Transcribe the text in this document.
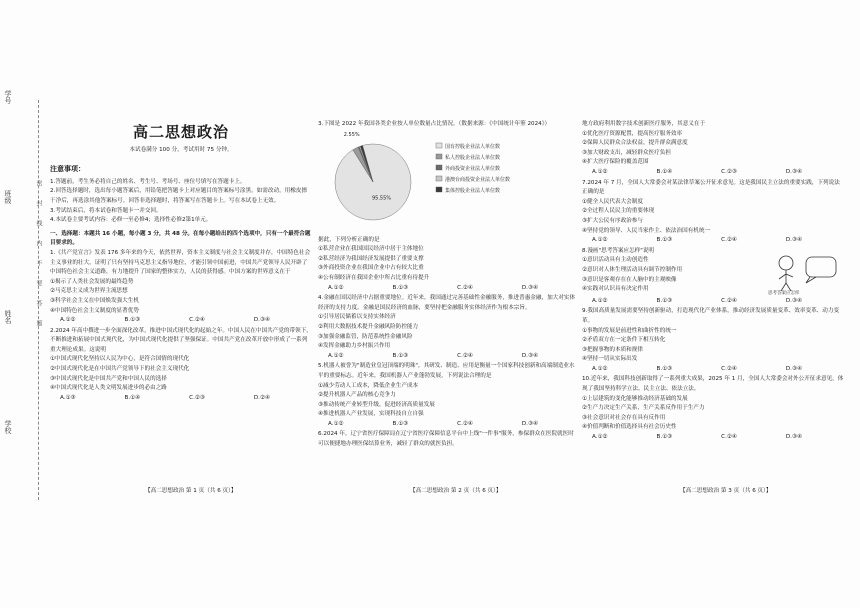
学号
班级
姓名
学校
密
封
线
内
不
要
答
题
高二思想政治
本试卷满分 100 分，考试用时 75 分钟。
注意事项：

1.答题前，考生务必将自己的姓名、考生号、考场号、座位号填写在答题卡上。

2.回答选择题时，选出每小题答案后，用铅笔把答题卡上对应题目的答案标号涂黑。如需改动，用橡皮擦干净后，再选涂其他答案标号。回答非选择题时，将答案写在答题卡上。写在本试卷上无效。

3.考试结束后，将本试卷和答题卡一并交回。

4.本试卷主要考试内容：必修一至必修4；选择性必修2第1单元。

一、选择题：本题共 16 小题，每小题 3 分，共 48 分。在每小题给出的四个选项中，只有一个最符合题目要求的。

1.《共产党宣言》发表 176 多年来的今天，依然世界，资本主义制度与社会主义制度并存，中国特色社会主义事业的壮大，证明了只有坚持马克思主义指导地位，才能引领中国前进，中国共产党领导人民开辟了中国特色社会主义道路，有力地提升了国家的整体实力，人民的获得感。中国方案的世界意义在于

①揭示了人类社会发展的最终趋势

②马克思主义成为世界主流思想

③科学社会主义在中国焕发强大生机

④中国特色社会主义制度的显著优势

A.①②	B.①③	C.②④	D.③④

2.2024 年高中撰进一步全面深化改革，推进中国式现代化的起始之年。中国人民在中国共产党的带领下，不断推进和拓展中国式现代化，为中国式现代化提供了坚强保证。中国共产党在改革开放中形成了一系列重大理论成果。这说明

①中国式现代化坚持以人民为中心，是符合国情的现代化

②中国式现代化是在中国共产党领导下的社会主义现代化

③中国式现代化是中国共产党和中国人民的选择

④中国式现代化是人类文明发展进步的必由之路

A.①③	B.①④	C.②③	D.②④

3.下图是 2022 年我国各类企业按人单位数量占比情况。（数据来源：《中国统计年鉴 2024》）

95.55%
2.55%
国有控股企业法人单位数
私人控股企业法人单位数
外商投资企业法人单位数
港澳台商投资企业法人单位数
集体控股企业法人单位数

据此，下列分析正确的是

①私营企业在我国国民经济中居于主体地位

②私营经济为我国经济发展提供了重要支撑

③外商投资企业在我国企业中占有较大比重

④公有制经济在我国企业中所占比重有待提升

A.①②	B.①③	C.②④	D.③④

4.金融在国民经济中占据重要地位。近年来，我国通过完善基础性金融服务，推进普惠金融，加大对实体经济的支持力度。金融是国民经济的血脉，要坚持把金融服务实体经济作为根本宗旨。

①引导居民储蓄以支持实体经济

②利用大数据技术提升金融风险防控能力

③加强金融监管，防范系统性金融风险

④发挥金融助力乡村振兴作用

A.①②	B.①③	C.②④	D.③④

5.机器人被誉为"制造业皇冠顶端的明珠"，其研发、制造、应用是衡量一个国家科技创新和高端制造业水平的重要标志。近年来，我国机器人产业蓬勃发展，下列说法合理的是

①减少劳动人工成本，降低企业生产成本

②提升机器人产品的核心竞争力

③推动传统产业转型升级，促进经济高质量发展

④推进机器人产业发展，实现科技自立自强

A.①②	B.①③	C.②④	D.③④

6.2024 年，辽宁省医疗保障局在辽宁省医疗保障信息平台中上线"一件事"服务，参保群众在医院就医时可以便捷地办理医保结算业务，减轻了群众的就医负担。

地方政府利用数字技术创新医疗服务，其意义在于

①优化医疗资源配置，提高医疗服务效率

②保障人民群众合法权益，提升群众满意度

③加大财政支出，减轻群众医疗负担

④扩大医疗保险的覆盖范围

A.①②	B.①④	C.②③	D.③④

7.2024 年 7 月，全国人大常委会对某法律草案公开征求意见。这是我国民主立法的重要实践，下列说法正确的是

①健全人民代表大会制度

②全过程人民民主的重要体现

③扩大公民有序政治参与

④坚持党的领导、人民当家作主、依法治国有机统一

A.①②	B.①③	C.②④	D.③④
思考答案应怎样

8.漫画"思考答案应怎样"说明

①意识活动具有主动创造性

②意识对人体生理活动具有调节控制作用

③意识是客观存在在人脑中的主观映像

④实践对认识具有决定作用

A.①②	B.①③	C.②④	D.③④

9.我国高质量发展需要坚持创新驱动，打造现代化产业体系，推动经济发展质量变革、效率变革、动力变革。

①事物的发展是前进性和曲折性的统一

②矛盾双方在一定条件下相互转化

③把握事物的本质和规律

④坚持一切从实际出发

A.①②	B.①③	C.②④	D.③④

10.近年来，我国科技创新取得了一系列重大成果，2025 年 1 月，全国人大常委会对外公开征求意见，体现了我国坚持科学立法、民主立法、依法立法。

①上层建筑的变化能够推动经济基础的发展

②生产力决定生产关系，生产关系反作用于生产力

③社会意识对社会存在具有反作用

④价值判断和价值选择具有社会历史性

A.①②	B.①③	C.②④	D.③④
【高二思想政治 第 1 页（共 6 页）】	【高二思想政治 第 2 页（共 6 页）】	【高二思想政治 第 3 页（共 6 页）】
